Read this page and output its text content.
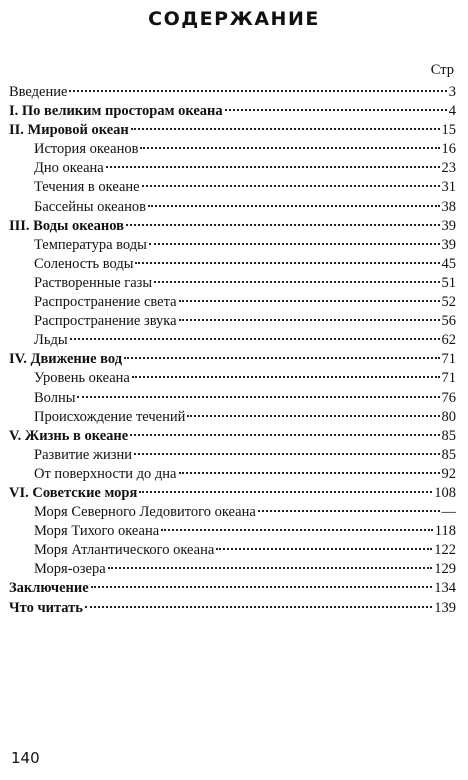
СОДЕРЖАНИЕ
Стр
Введение	3
I. По великим просторам океана	4
II. Мировой океан	15
История океанов	16
Дно океана	23
Течения в океане	31
Бассейны океанов	38
III. Воды океанов	39
Температура воды	39
Соленость воды	45
Растворенные газы	51
Распространение света	52
Распространение звука	56
Льды	62
IV. Движение вод	71
Уровень океана	71
Волны	76
Происхождение течений	80
V. Жизнь в океане	85
Развитие жизни	85
От поверхности до дна	92
VI. Советские моря	108
Моря Северного Ледовитого океана	—
Моря Тихого океана	118
Моря Атлантического океана	122
Моря-озера	129
Заключение	134
Что читать	139
140
